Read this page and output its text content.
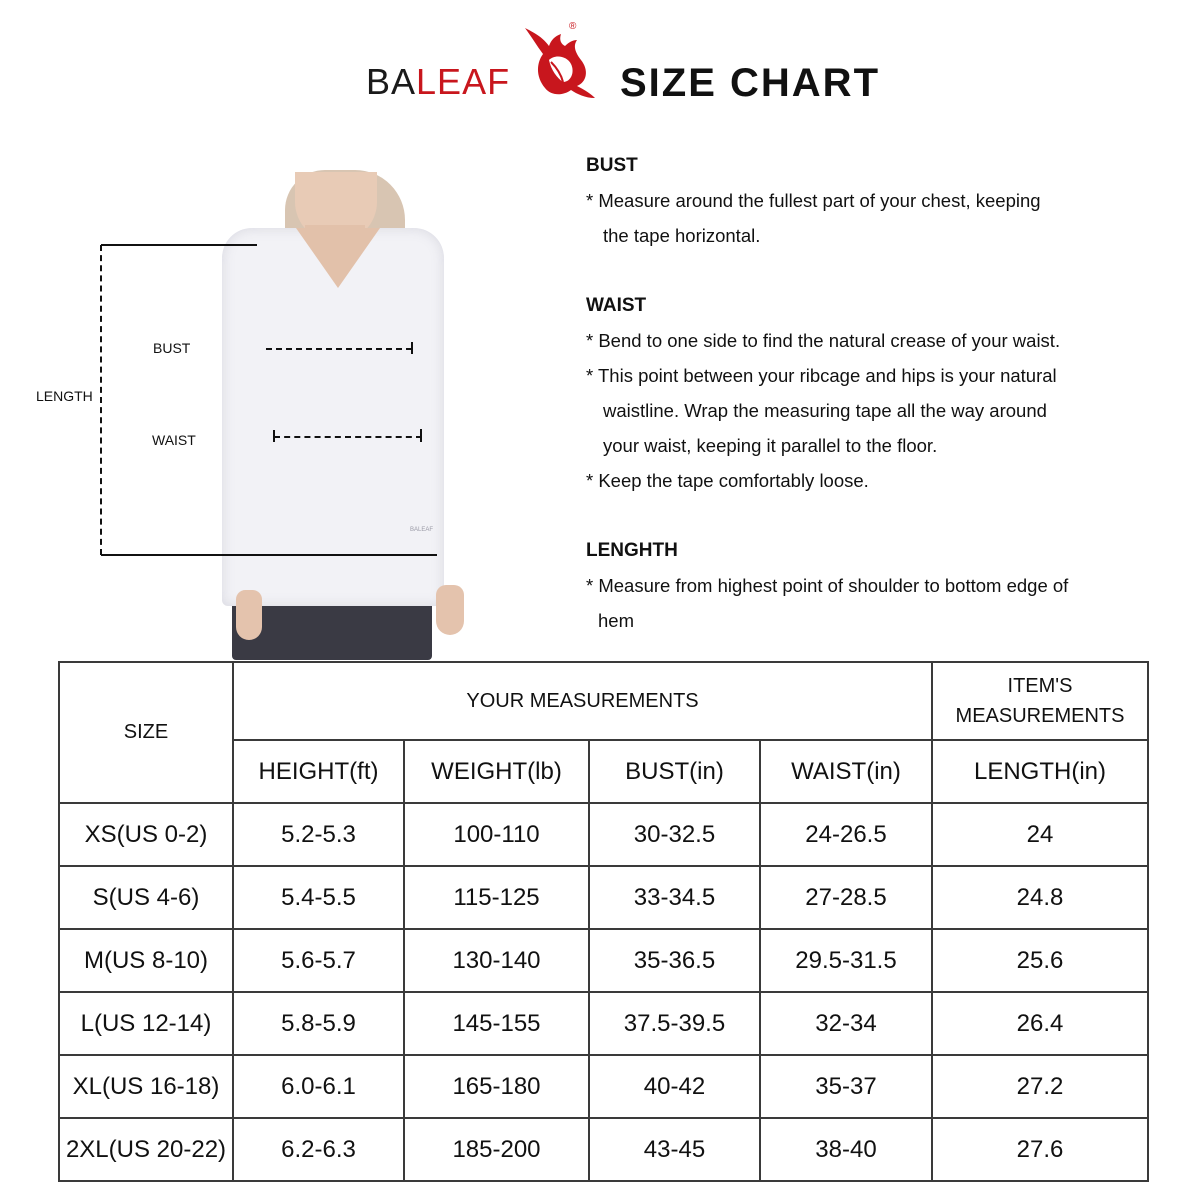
BALEAF
®
SIZE CHART
BALEAF
LENGTH
BUST
WAIST
BUST
* Measure around the fullest part of your chest, keeping
the tape horizontal.
WAIST
* Bend to one side to find the natural crease of your waist.
* This point between your ribcage and hips is your natural
waistline. Wrap the measuring tape all the way around
your waist, keeping it parallel to the floor.
* Keep the tape comfortably loose.
LENGHTH
* Measure from highest point of shoulder to bottom edge of
hem
SIZE	YOUR MEASUREMENTS				ITEM'S
MEASUREMENTS

	HEIGHT(ft)	WEIGHT(lb)	BUST(in)	WAIST(in)	LENGTH(in)
XS(US 0-2)	5.2-5.3	100-110	30-32.5	24-26.5	24
S(US 4-6)	5.4-5.5	115-125	33-34.5	27-28.5	24.8
M(US 8-10)	5.6-5.7	130-140	35-36.5	29.5-31.5	25.6
L(US 12-14)	5.8-5.9	145-155	37.5-39.5	32-34	26.4
XL(US 16-18)	6.0-6.1	165-180	40-42	35-37	27.2
2XL(US 20-22)	6.2-6.3	185-200	43-45	38-40	27.6
